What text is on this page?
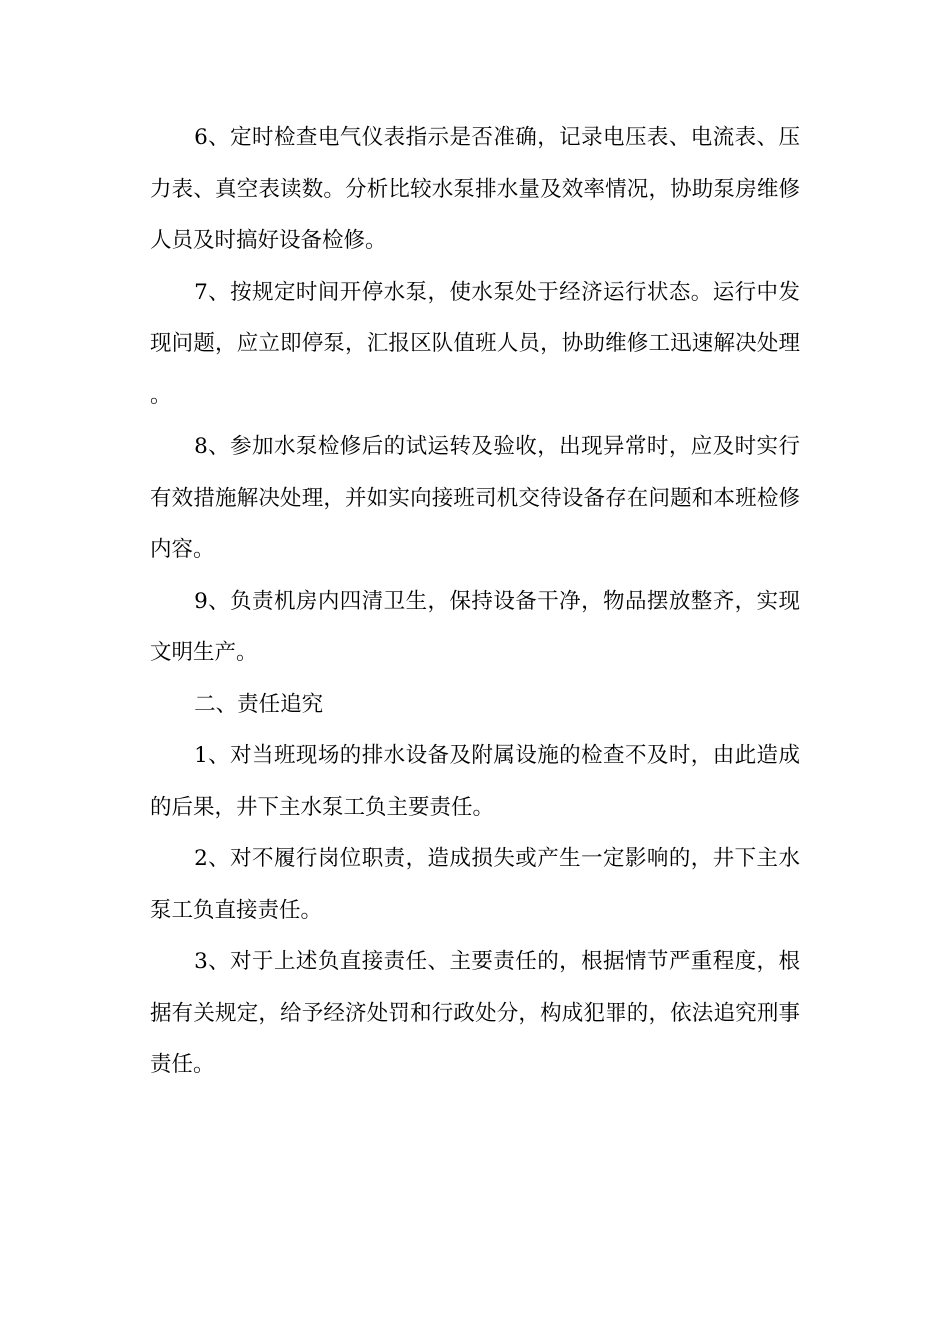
6、定时检查电气仪表指示是否准确，记录电压表、电流表、压力表、真空表读数。分析比较水泵排水量及效率情况，协助泵房维修人员及时搞好设备检修。

7、按规定时间开停水泵，使水泵处于经济运行状态。运行中发现问题，应立即停泵，汇报区队值班人员，协助维修工迅速解决处理。

8、参加水泵检修后的试运转及验收，出现异常时，应及时实行有效措施解决处理，并如实向接班司机交待设备存在问题和本班检修内容。

9、负责机房内四清卫生，保持设备干净，物品摆放整齐，实现文明生产。

二、责任追究

1、对当班现场的排水设备及附属设施的检查不及时，由此造成的后果，井下主水泵工负主要责任。

2、对不履行岗位职责，造成损失或产生一定影响的，井下主水泵工负直接责任。

3、对于上述负直接责任、主要责任的，根据情节严重程度，根据有关规定，给予经济处罚和行政处分，构成犯罪的，依法追究刑事责任。
